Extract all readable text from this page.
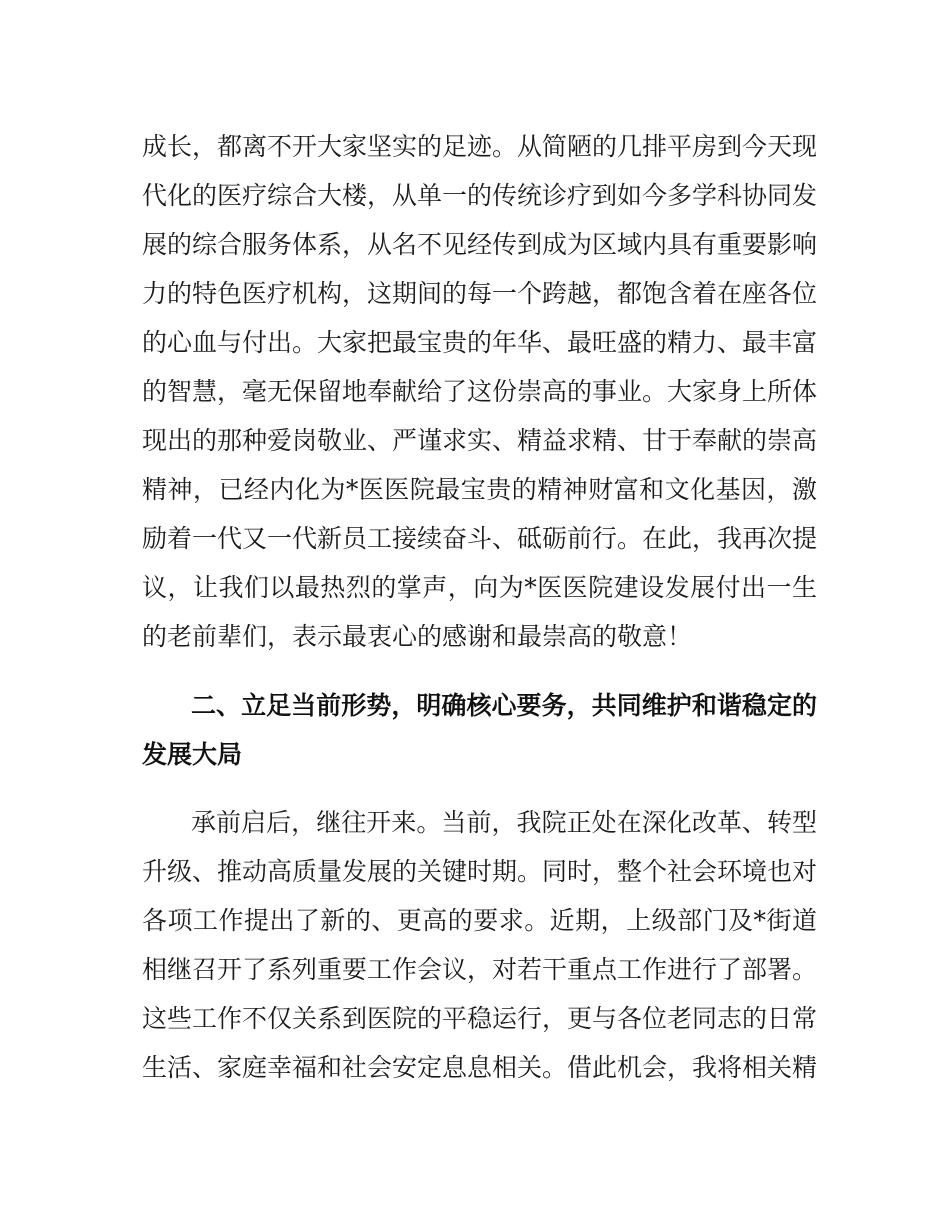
成长，都离不开大家坚实的足迹。从简陋的几排平房到今天现
代化的医疗综合大楼，从单一的传统诊疗到如今多学科协同发
展的综合服务体系，从名不见经传到成为区域内具有重要影响
力的特色医疗机构，这期间的每一个跨越，都饱含着在座各位
的心血与付出。大家把最宝贵的年华、最旺盛的精力、最丰富
的智慧，毫无保留地奉献给了这份崇高的事业。大家身上所体
现出的那种爱岗敬业、严谨求实、精益求精、甘于奉献的崇高
精神，已经内化为*医医院最宝贵的精神财富和文化基因，激
励着一代又一代新员工接续奋斗、砥砺前行。在此，我再次提
议，让我们以最热烈的掌声，向为*医医院建设发展付出一生
的老前辈们，表示最衷心的感谢和最崇高的敬意！
二、立足当前形势，明确核心要务，共同维护和谐稳定的
发展大局
承前启后，继往开来。当前，我院正处在深化改革、转型
升级、推动高质量发展的关键时期。同时，整个社会环境也对
各项工作提出了新的、更高的要求。近期，上级部门及*街道
相继召开了系列重要工作会议，对若干重点工作进行了部署。
这些工作不仅关系到医院的平稳运行，更与各位老同志的日常
生活、家庭幸福和社会安定息息相关。借此机会，我将相关精
